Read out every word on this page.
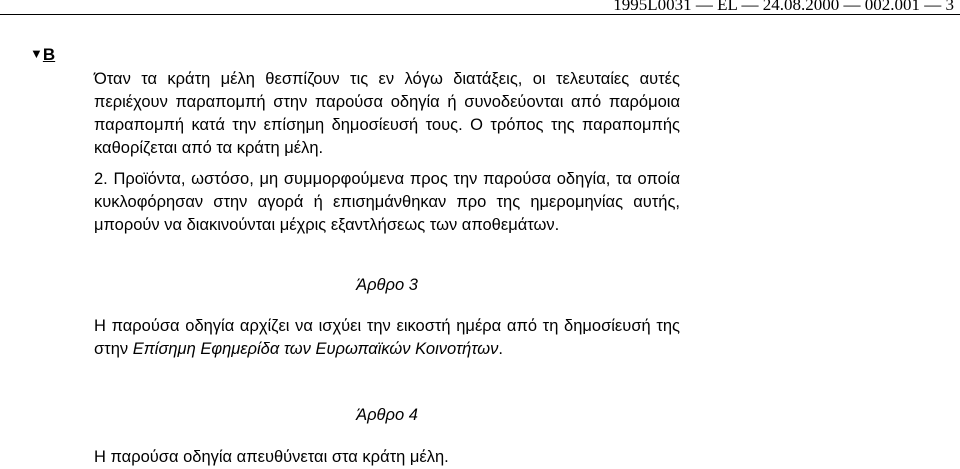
1995L0031 — EL — 24.08.2000 — 002.001 — 3
▼B

Όταν τα κράτη μέλη θεσπίζουν τις εν λόγω διατάξεις, οι τελευταίες αυτές περιέχουν παραπομπή στην παρούσα οδηγία ή συνοδεύονται από παρόμοια παραπομπή κατά την επίσημη δημοσίευσή τους. Ο τρόπος της παραπομπής καθορίζεται από τα κράτη μέλη.

2. Προϊόντα, ωστόσο, μη συμμορφούμενα προς την παρούσα οδηγία, τα οποία κυκλοφόρησαν στην αγορά ή επισημάνθηκαν προ της ημερομηνίας αυτής, μπορούν να διακινούνται μέχρις εξαντλήσεως των αποθεμάτων.

Άρθρο 3

Η παρούσα οδηγία αρχίζει να ισχύει την εικοστή ημέρα από τη δημοσίευσή της στην Επίσημη Εφημερίδα των Ευρωπαϊκών Κοινοτήτων.

Άρθρο 4

Η παρούσα οδηγία απευθύνεται στα κράτη μέλη.
